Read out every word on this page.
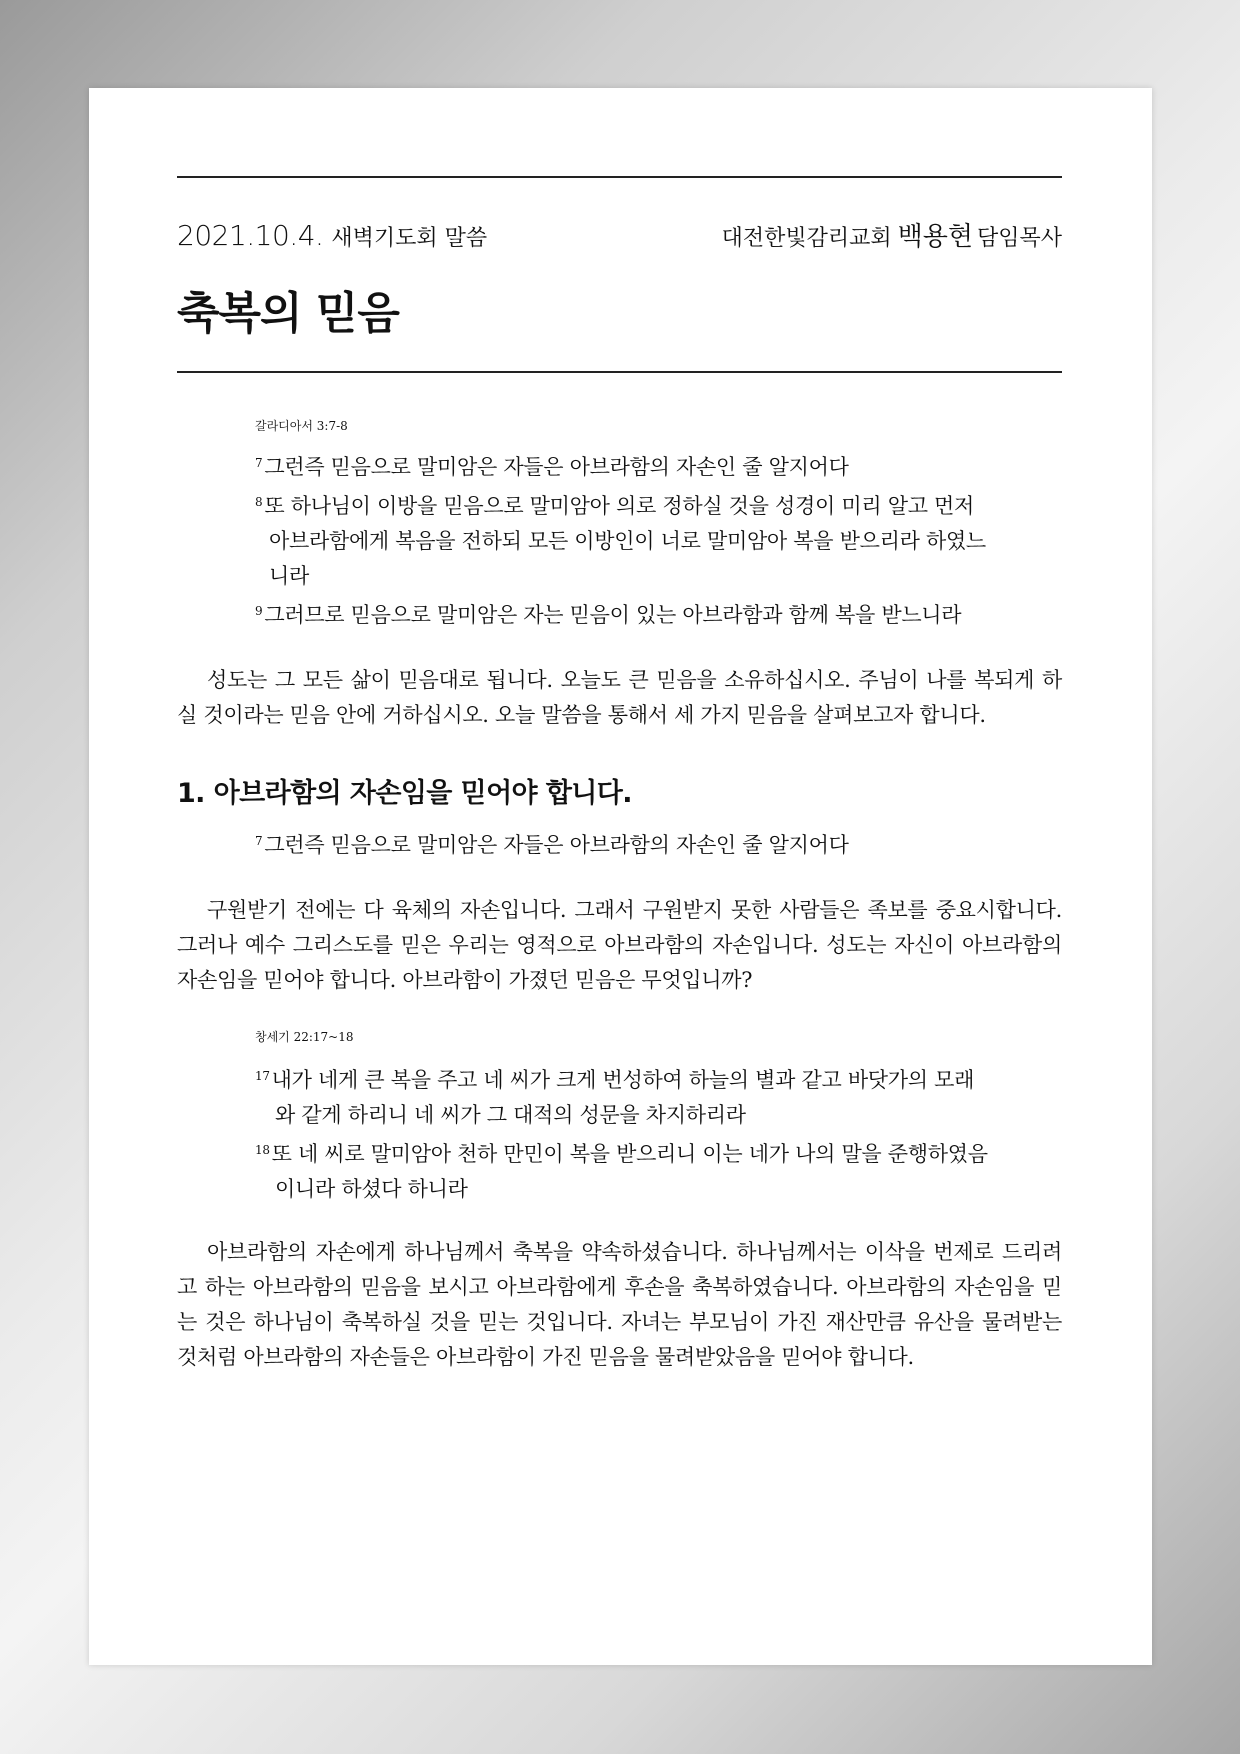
2021.10.4. 새벽기도회 말씀	대전한빛감리교회 백용현 담임목사
축복의 믿음
갈라디아서 3:7-8
$^7$그런즉 믿음으로 말미암은 자들은 아브라함의 자손인 줄 알지어다
$^8$또 하나님이 이방을 믿음으로 말미암아 의로 정하실 것을 성경이 미리 알고 먼저 아브라함에게 복음을 전하되 모든 이방인이 너로 말미암아 복을 받으리라 하였느니라
$^9$그러므로 믿음으로 말미암은 자는 믿음이 있는 아브라함과 함께 복을 받느니라

성도는 그 모든 삶이 믿음대로 됩니다. 오늘도 큰 믿음을 소유하십시오. 주님이 나를 복되게 하실 것이라는 믿음 안에 거하십시오. 오늘 말씀을 통해서 세 가지 믿음을 살펴보고자 합니다.

1. 아브라함의 자손임을 믿어야 합니다.
$^7$그런즉 믿음으로 말미암은 자들은 아브라함의 자손인 줄 알지어다

구원받기 전에는 다 육체의 자손입니다. 그래서 구원받지 못한 사람들은 족보를 중요시합니다. 그러나 예수 그리스도를 믿은 우리는 영적으로 아브라함의 자손입니다. 성도는 자신이 아브라함의 자손임을 믿어야 합니다. 아브라함이 가졌던 믿음은 무엇입니까?

창세기 22:17~18
$^{17}$내가 네게 큰 복을 주고 네 씨가 크게 번성하여 하늘의 별과 같고 바닷가의 모래와 같게 하리니 네 씨가 그 대적의 성문을 차지하리라
$^{18}$또 네 씨로 말미암아 천하 만민이 복을 받으리니 이는 네가 나의 말을 준행하였음이니라 하셨다 하니라

아브라함의 자손에게 하나님께서 축복을 약속하셨습니다. 하나님께서는 이삭을 번제로 드리려고 하는 아브라함의 믿음을 보시고 아브라함에게 후손을 축복하였습니다. 아브라함의 자손임을 믿는 것은 하나님이 축복하실 것을 믿는 것입니다. 자녀는 부모님이 가진 재산만큼 유산을 물려받는 것처럼 아브라함의 자손들은 아브라함이 가진 믿음을 물려받았음을 믿어야 합니다.
